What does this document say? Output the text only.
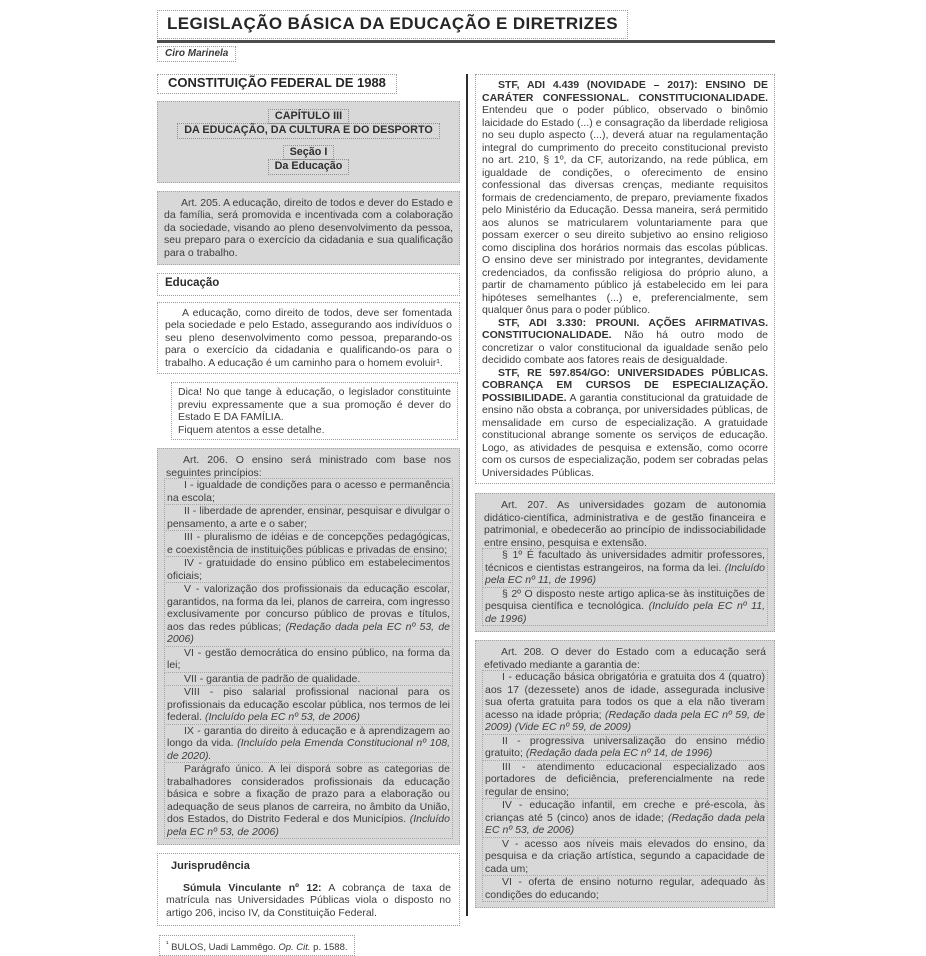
LEGISLAÇÃO BÁSICA DA EDUCAÇÃO E DIRETRIZES
Ciro Marinela
CONSTITUIÇÃO FEDERAL DE 1988
CAPÍTULO III
DA EDUCAÇÃO, DA CULTURA E DO DESPORTO
Seção I
Da Educação

Art. 205. A educação, direito de todos e dever do Estado e da família, será promovida e incentivada com a colaboração da sociedade, visando ao pleno desenvolvimento da pessoa, seu preparo para o exercício da cidadania e sua qualificação para o trabalho.

Educação

A educação, como direito de todos, deve ser fomentada pela sociedade e pelo Estado, assegurando aos indivíduos o seu pleno desenvolvimento como pessoa, preparando-os para o exercício da cidadania e qualificando-os para o trabalho. A educação é um caminho para o homem evoluir¹.

Dica! No que tange à educação, o legislador constituinte previu expressamente que a sua promoção é dever do Estado E DA FAMÍLIA.

Fiquem atentos a esse detalhe.

Art. 206. O ensino será ministrado com base nos seguintes princípios:

I - igualdade de condições para o acesso e permanência na escola;

II - liberdade de aprender, ensinar, pesquisar e divulgar o pensamento, a arte e o saber;

III - pluralismo de idéias e de concepções pedagógicas, e coexistência de instituições públicas e privadas de ensino;

IV - gratuidade do ensino público em estabelecimentos oficiais;

V - valorização dos profissionais da educação escolar, garantidos, na forma da lei, planos de carreira, com ingresso exclusivamente por concurso público de provas e títulos, aos das redes públicas; (Redação dada pela EC nº 53, de 2006)

VI - gestão democrática do ensino público, na forma da lei;

VII - garantia de padrão de qualidade.

VIII - piso salarial profissional nacional para os profissionais da educação escolar pública, nos termos de lei federal. (Incluído pela EC nº 53, de 2006)

IX - garantia do direito à educação e à aprendizagem ao longo da vida. (Incluído pela Emenda Constitucional nº 108, de 2020).

Parágrafo único. A lei disporá sobre as categorias de trabalhadores considerados profissionais da educação básica e sobre a fixação de prazo para a elaboração ou adequação de seus planos de carreira, no âmbito da União, dos Estados, do Distrito Federal e dos Municípios. (Incluído pela EC nº 53, de 2006)

Jurisprudência

Súmula Vinculante nº 12: A cobrança de taxa de matrícula nas Universidades Públicas viola o disposto no artigo 206, inciso IV, da Constituição Federal.

$^{^1}$ BULOS, Uadi Lammêgo. Op. Cit. p. 1588.

STF, ADI 4.439 (NOVIDADE – 2017): ENSINO DE CARÁTER CONFESSIONAL. CONSTITUCIONALIDADE. Entendeu que o poder público, observado o binômio laicidade do Estado (...) e consagração da liberdade religiosa no seu duplo aspecto (...), deverá atuar na regulamentação integral do cumprimento do preceito constitucional previsto no art. 210, § 1º, da CF, autorizando, na rede pública, em igualdade de condições, o oferecimento de ensino confessional das diversas crenças, mediante requisitos formais de credenciamento, de preparo, previamente fixados pelo Ministério da Educação. Dessa maneira, será permitido aos alunos se matricularem voluntariamente para que possam exercer o seu direito subjetivo ao ensino religioso como disciplina dos horários normais das escolas públicas. O ensino deve ser ministrado por integrantes, devidamente credenciados, da confissão religiosa do próprio aluno, a partir de chamamento público já estabelecido em lei para hipóteses semelhantes (...) e, preferencialmente, sem qualquer ônus para o poder público.

STF, ADI 3.330: PROUNI. AÇÕES AFIRMATIVAS. CONSTITUCIONALIDADE. Não há outro modo de concretizar o valor constitucional da igualdade senão pelo decidido combate aos fatores reais de desigualdade.

STF, RE 597.854/GO: UNIVERSIDADES PÚBLICAS. COBRANÇA EM CURSOS DE ESPECIALIZAÇÃO. POSSIBILIDADE. A garantia constitucional da gratuidade de ensino não obsta a cobrança, por universidades públicas, de mensalidade em curso de especialização. A gratuidade constitucional abrange somente os serviços de educação. Logo, as atividades de pesquisa e extensão, como ocorre com os cursos de especialização, podem ser cobradas pelas Universidades Públicas.

Art. 207. As universidades gozam de autonomia didático-científica, administrativa e de gestão financeira e patrimonial, e obedecerão ao princípio de indissociabilidade entre ensino, pesquisa e extensão.

§ 1º É facultado às universidades admitir professores, técnicos e cientistas estrangeiros, na forma da lei. (Incluído pela EC nº 11, de 1996)

§ 2º O disposto neste artigo aplica-se às instituições de pesquisa científica e tecnológica. (Incluído pela EC nº 11, de 1996)

Art. 208. O dever do Estado com a educação será efetivado mediante a garantia de:

I - educação básica obrigatória e gratuita dos 4 (quatro) aos 17 (dezessete) anos de idade, assegurada inclusive sua oferta gratuita para todos os que a ela não tiveram acesso na idade própria; (Redação dada pela EC nº 59, de 2009) (Vide EC nº 59, de 2009)

II - progressiva universalização do ensino médio gratuito; (Redação dada pela EC nº 14, de 1996)

III - atendimento educacional especializado aos portadores de deficiência, preferencialmente na rede regular de ensino;

IV - educação infantil, em creche e pré-escola, às crianças até 5 (cinco) anos de idade; (Redação dada pela EC nº 53, de 2006)

V - acesso aos níveis mais elevados do ensino, da pesquisa e da criação artística, segundo a capacidade de cada um;

VI - oferta de ensino noturno regular, adequado às condições do educando;
